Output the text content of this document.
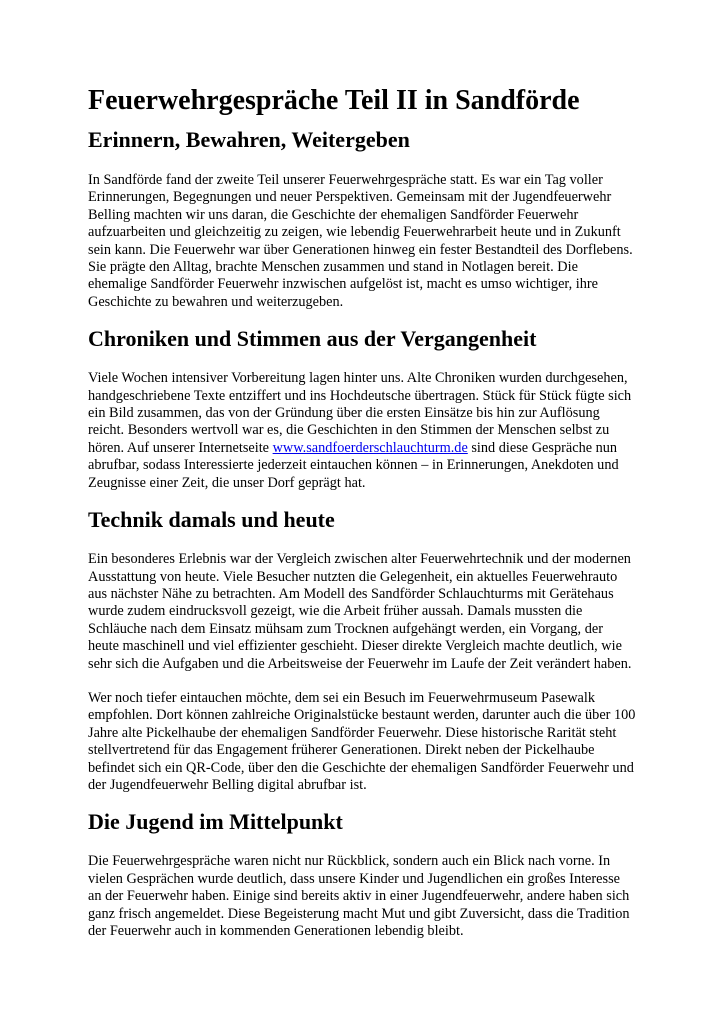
Feuerwehrgespräche Teil II in Sandförde
Erinnern, Bewahren, Weitergeben

In Sandförde fand der zweite Teil unserer Feuerwehrgespräche statt. Es war ein Tag voller Erinnerungen, Begegnungen und neuer Perspektiven. Gemeinsam mit der Jugendfeuerwehr Belling machten wir uns daran, die Geschichte der ehemaligen Sandförder Feuerwehr aufzuarbeiten und gleichzeitig zu zeigen, wie lebendig Feuerwehrarbeit heute und in Zukunft sein kann. Die Feuerwehr war über Generationen hinweg ein fester Bestandteil des Dorflebens. Sie prägte den Alltag, brachte Menschen zusammen und stand in Notlagen bereit. Die ehemalige Sandförder Feuerwehr inzwischen aufgelöst ist, macht es umso wichtiger, ihre Geschichte zu bewahren und weiterzugeben.

Chroniken und Stimmen aus der Vergangenheit

Viele Wochen intensiver Vorbereitung lagen hinter uns. Alte Chroniken wurden durchgesehen, handgeschriebene Texte entziffert und ins Hochdeutsche übertragen. Stück für Stück fügte sich ein Bild zusammen, das von der Gründung über die ersten Einsätze bis hin zur Auflösung reicht. Besonders wertvoll war es, die Geschichten in den Stimmen der Menschen selbst zu hören. Auf unserer Internetseite www.sandfoerderschlauchturm.de sind diese Gespräche nun abrufbar, sodass Interessierte jederzeit eintauchen können – in Erinnerungen, Anekdoten und Zeugnisse einer Zeit, die unser Dorf geprägt hat.

Technik damals und heute

Ein besonderes Erlebnis war der Vergleich zwischen alter Feuerwehrtechnik und der modernen Ausstattung von heute. Viele Besucher nutzten die Gelegenheit, ein aktuelles Feuerwehrauto aus nächster Nähe zu betrachten. Am Modell des Sandförder Schlauchturms mit Gerätehaus wurde zudem eindrucksvoll gezeigt, wie die Arbeit früher aussah. Damals mussten die Schläuche nach dem Einsatz mühsam zum Trocknen aufgehängt werden, ein Vorgang, der heute maschinell und viel effizienter geschieht. Dieser direkte Vergleich machte deutlich, wie sehr sich die Aufgaben und die Arbeitsweise der Feuerwehr im Laufe der Zeit verändert haben.

Wer noch tiefer eintauchen möchte, dem sei ein Besuch im Feuerwehrmuseum Pasewalk empfohlen. Dort können zahlreiche Originalstücke bestaunt werden, darunter auch die über 100 Jahre alte Pickelhaube der ehemaligen Sandförder Feuerwehr. Diese historische Rarität steht stellvertretend für das Engagement früherer Generationen. Direkt neben der Pickelhaube befindet sich ein QR-Code, über den die Geschichte der ehemaligen Sandförder Feuerwehr und der Jugendfeuerwehr Belling digital abrufbar ist.

Die Jugend im Mittelpunkt

Die Feuerwehrgespräche waren nicht nur Rückblick, sondern auch ein Blick nach vorne. In vielen Gesprächen wurde deutlich, dass unsere Kinder und Jugendlichen ein großes Interesse an der Feuerwehr haben. Einige sind bereits aktiv in einer Jugendfeuerwehr, andere haben sich ganz frisch angemeldet. Diese Begeisterung macht Mut und gibt Zuversicht, dass die Tradition der Feuerwehr auch in kommenden Generationen lebendig bleibt.
